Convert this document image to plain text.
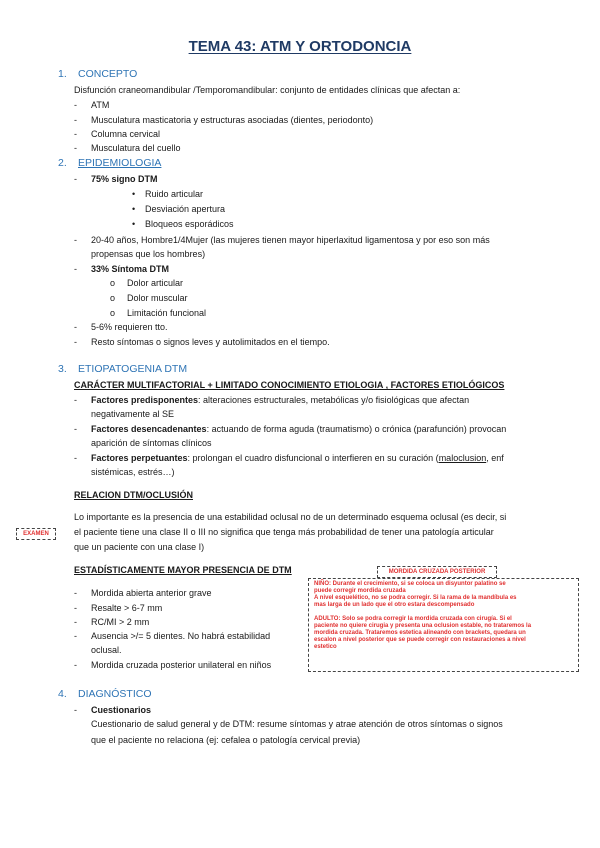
TEMA 43: ATM Y ORTODONCIA
1. CONCEPTO
Disfunción craneomandibular /Temporomandibular: conjunto de entidades clínicas que afectan a:
- ATM
- Musculatura masticatoria y estructuras asociadas (dientes, periodonto)
- Columna cervical
- Musculatura del cuello
2. EPIDEMIOLOGIA
- 75% signo DTM
• Ruido articular
• Desviación apertura
• Bloqueos esporádicos
- 20-40 años, Hombre1/4Mujer (las mujeres tienen mayor hiperlaxitud ligamentosa y por eso son más
propensas que los hombres)
- 33% Síntoma DTM
o Dolor articular
o Dolor muscular
o Limitación funcional
- 5-6% requieren tto.
- Resto síntomas o signos leves y autolimitados en el tiempo.
3. ETIOPATOGENIA DTM
CARÁCTER MULTIFACTORIAL + LIMITADO CONOCIMIENTO ETIOLOGIA , FACTORES ETIOLÓGICOS
- Factores predisponentes: alteraciones estructurales, metabólicas y/o fisiológicas que afectan
negativamente al SE
- Factores desencadenantes: actuando de forma aguda (traumatismo) o crónica (parafunción) provocan
aparición de síntomas clínicos
- Factores perpetuantes: prolongan el cuadro disfuncional o interfieren en su curación (maloclusion, enf
sistémicas, estrés…)
RELACION DTM/OCLUSIÓN
Lo importante es la presencia de una estabilidad oclusal no de un determinado esquema oclusal (es decir, si
el paciente tiene una clase II o III no significa que tenga más probabilidad de tener una patología articular
que un paciente con una clase I)
EXAMEN
ESTADÍSTICAMENTE MAYOR PRESENCIA DE DTM
- Mordida abierta anterior grave
- Resalte > 6-7 mm
- RC/MI > 2 mm
- Ausencia >/= 5 dientes. No habrá estabilidad
oclusal.
- Mordida cruzada posterior unilateral en niños
MORDIDA CRUZADA POSTERIOR
NIÑO: Durante el crecimiento, si se coloca un disyuntor palatino se
puede corregir mordida cruzada
A nivel esquelético, no se podra corregir. Si la rama de la mandíbula es
mas larga de un lado que el otro estara descompensado
ADULTO: Solo se podra corregir la mordida cruzada con cirugía. Si el
paciente no quiere cirugia y presenta una oclusion estable, no trataremos la
mordida cruzada. Trataremos estetica alineando con brackets, quedara un
escalon a nivel posterior que se puede corregir con restauraciones a nivel
estetico
4. DIAGNÓSTICO
- Cuestionarios
Cuestionario de salud general y de DTM: resume síntomas y atrae atención de otros síntomas o signos
que el paciente no relaciona (ej: cefalea o patología cervical previa)
